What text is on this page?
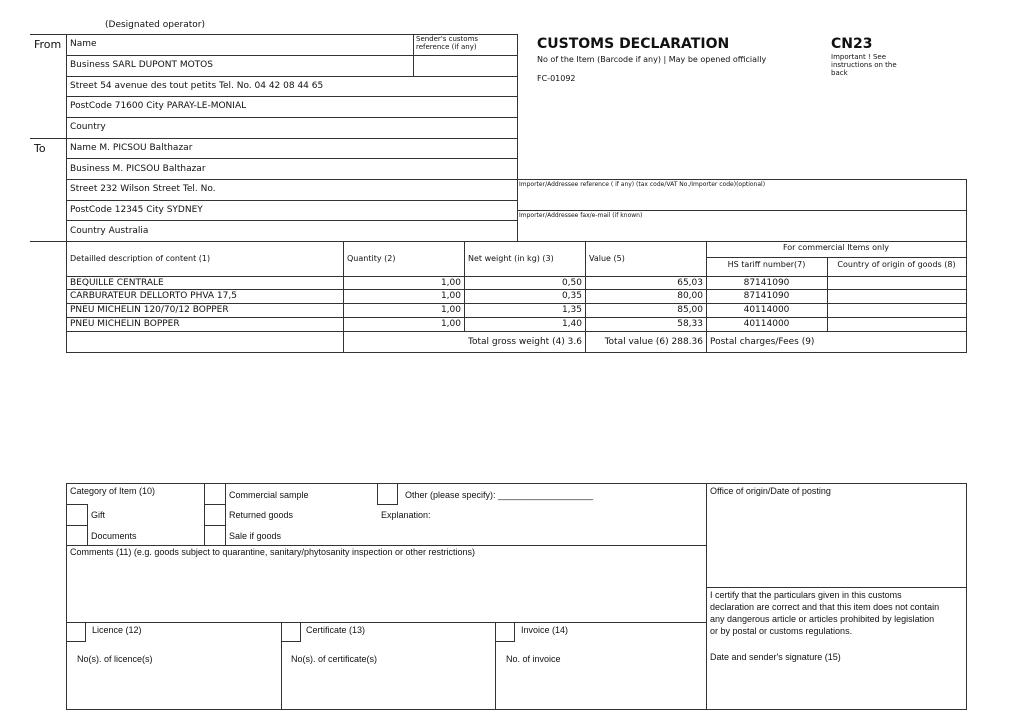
(Designated operator)
CUSTOMS DECLARATION	CN23
Important ! See
instructions on the
back
No of the Item (Barcode if any) | May be opened officially
FC-01092
From
To
Name	Sender's customs
reference (if any)
Business SARL DUPONT MOTOS
Street 54 avenue des tout petits Tel. No. 04 42 08 44 65
PostCode 71600 City PARAY-LE-MONIAL
Country
Name M. PICSOU Balthazar
Business M. PICSOU Balthazar
Street 232 Wilson Street Tel. No.
PostCode 12345 City SYDNEY
Country Australia
Importer/Addressee reference ( if any) (tax code/VAT No./Importer code)(optional)
Importer/Addressee fax/e-mail (if known)
Detailled description of content (1)	Quantity (2)	Net weight (in kg) (3)	Value (5)
For commercial Items only
HS tariff number(7)	Country of origin of goods (8)
BEQUILLE CENTRALE	1,00	0,50	65,03	87141090
CARBURATEUR DELLORTO PHVA 17,5	1,00	0,35	80,00	87141090
PNEU MICHELIN 120/70/12 BOPPER	1,00	1,35	85,00	40114000
PNEU MICHELIN BOPPER	1,00	1,40	58,33	40114000
Total gross weight (4) 3.6	Total value (6) 288.36 Postal charges/Fees (9)
Category of Item (10)	Commercial sample	Other (please specify): ___________________
Gift	Returned goods	Explanation:
Documents	Sale if goods
Comments (11) (e.g. goods subject to quarantine, sanitary/phytosanity inspection or other restrictions)
Office of origin/Date of posting
I certify that the particulars given in this customs
declaration are correct and that this item does not contain
any dangerous article or articles prohibited by legislation
or by postal or customs regulations.
Date and sender's signature (15)
Licence (12)	Certificate (13)	Invoice (14)
No(s). of licence(s)	No(s). of certificate(s)	No. of invoice
